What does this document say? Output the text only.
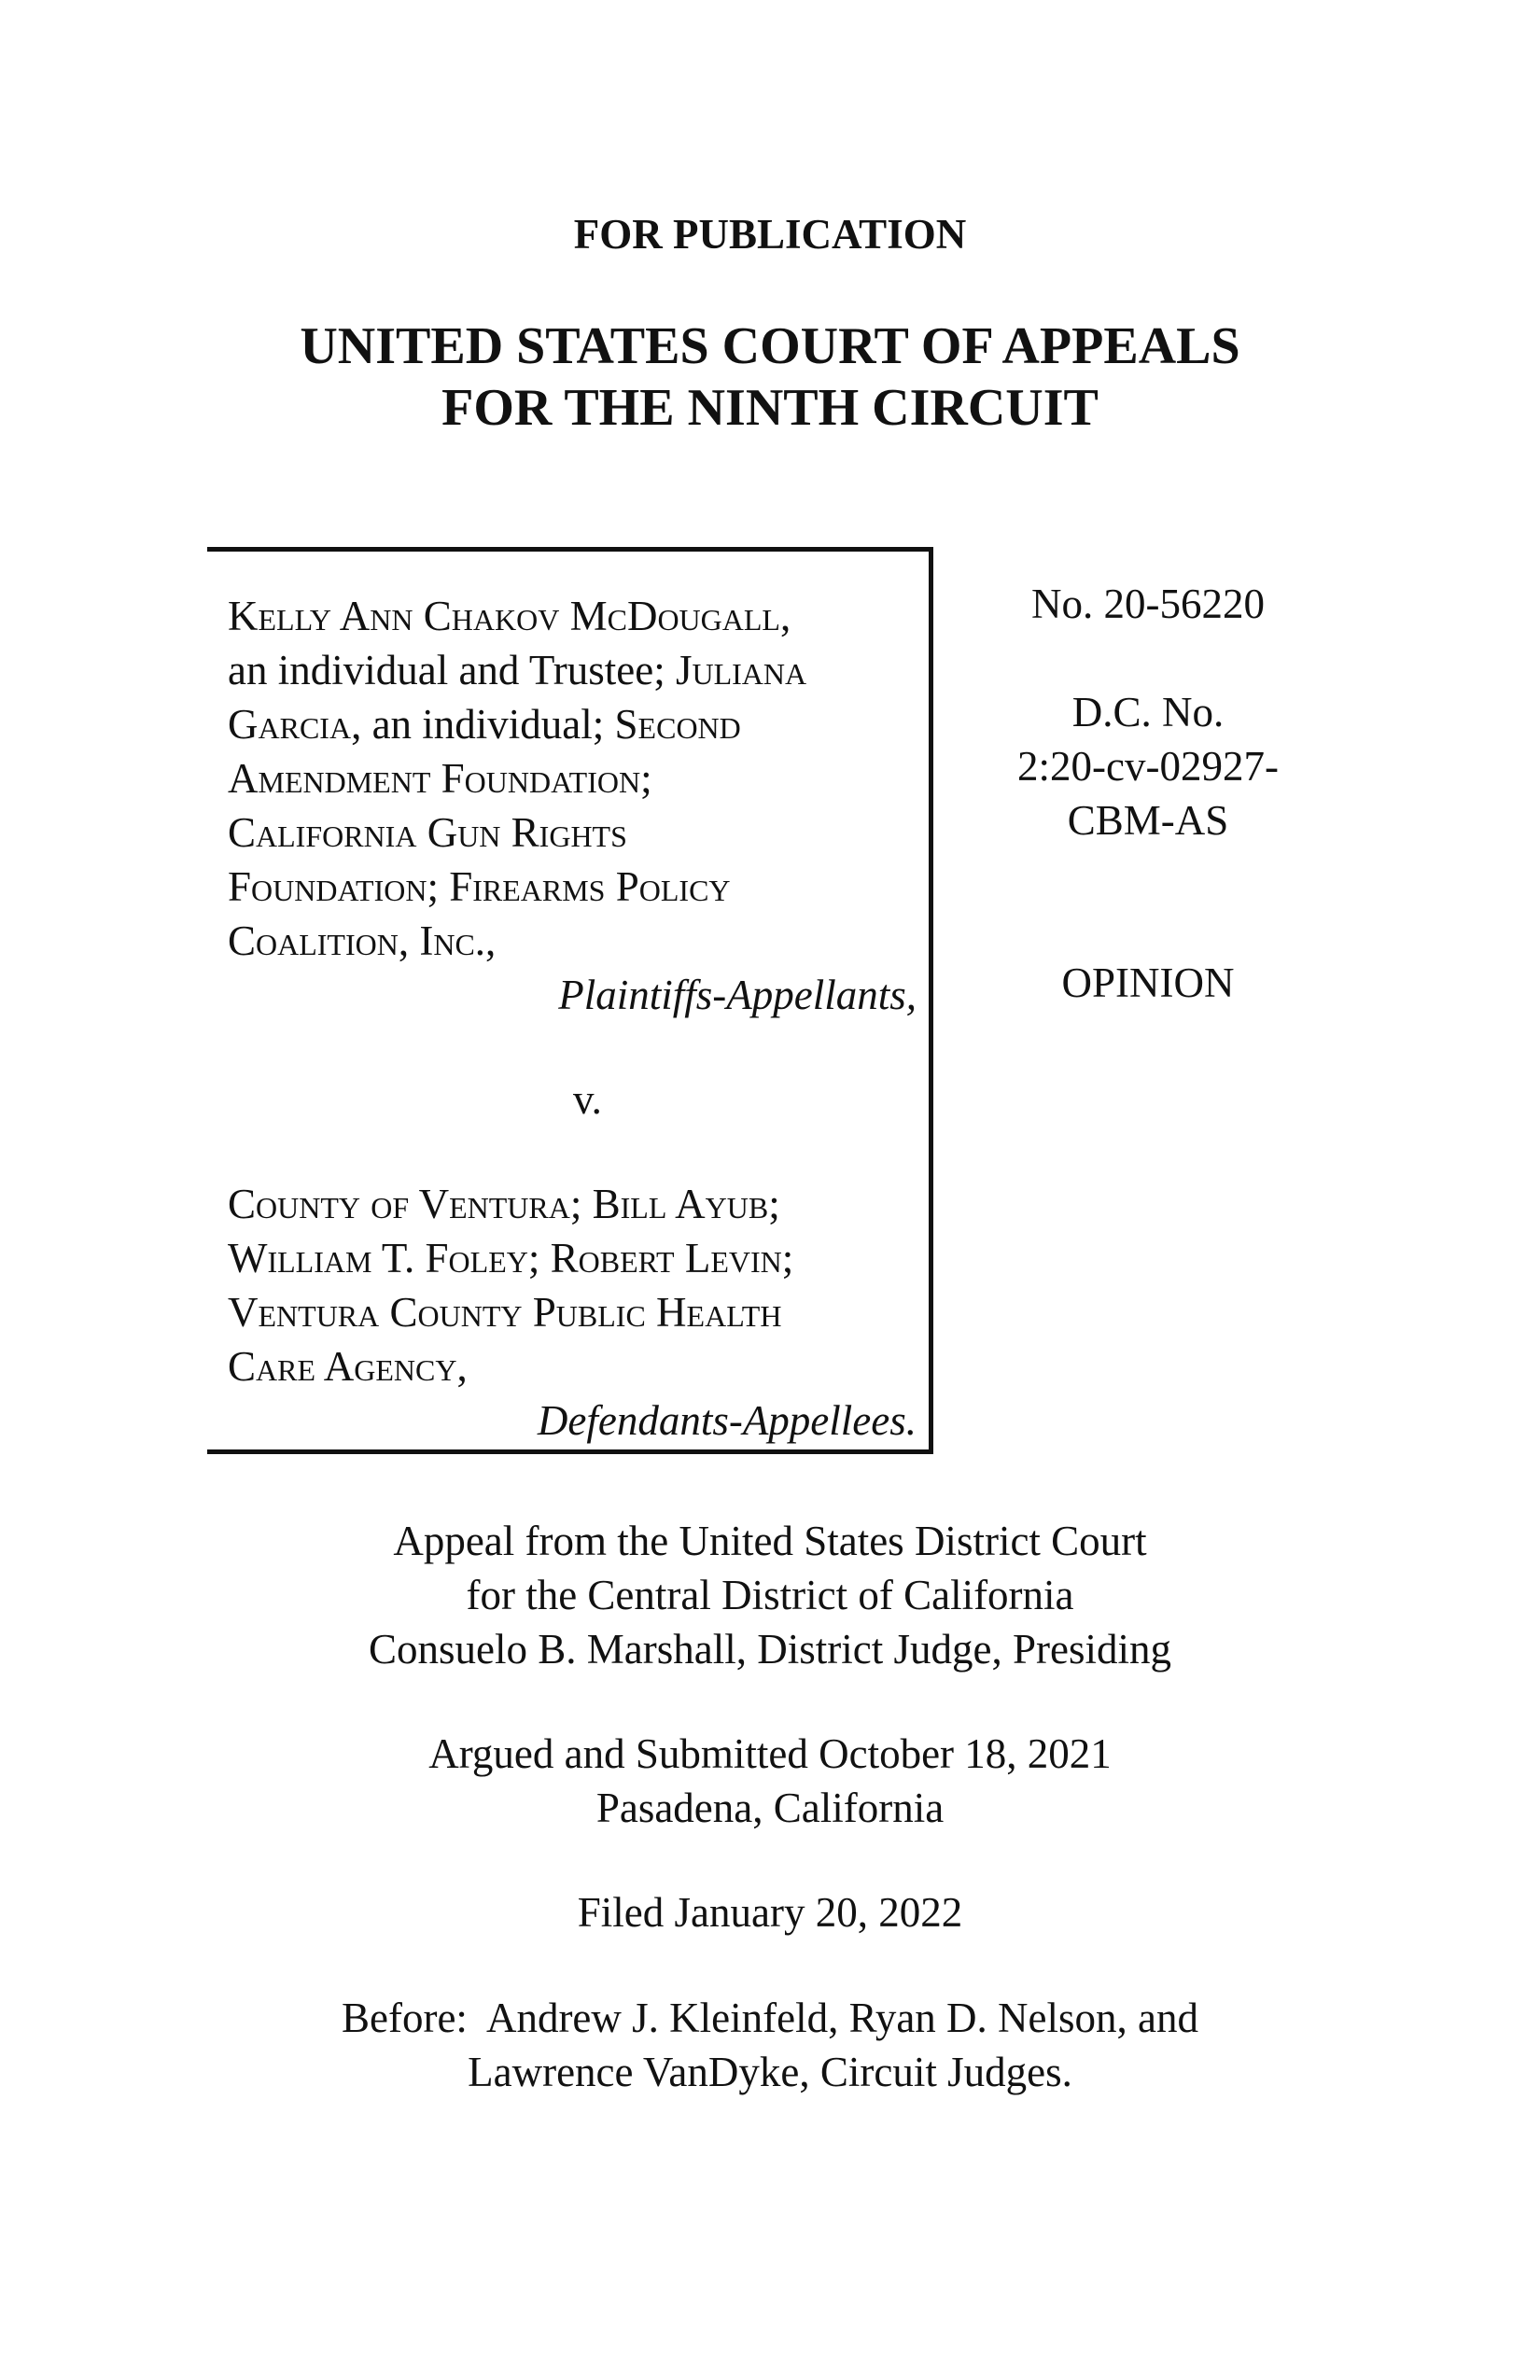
FOR PUBLICATION
UNITED STATES COURT OF APPEALS
FOR THE NINTH CIRCUIT
Kelly Ann Chakov McDougall,
an individual and Trustee; Juliana
Garcia, an individual; Second
Amendment Foundation;
California Gun Rights
Foundation; Firearms Policy
Coalition, Inc.,
Plaintiffs-Appellants,
v.
County of Ventura; Bill Ayub;
William T. Foley; Robert Levin;
Ventura County Public Health
Care Agency,
Defendants-Appellees.
No. 20-56220
D.C. No.
2:20-cv-02927-
CBM-AS
OPINION
Appeal from the United States District Court
for the Central District of California
Consuelo B. Marshall, District Judge, Presiding
Argued and Submitted October 18, 2021
Pasadena, California
Filed January 20, 2022
Before:  Andrew J. Kleinfeld, Ryan D. Nelson, and
Lawrence VanDyke, Circuit Judges.
